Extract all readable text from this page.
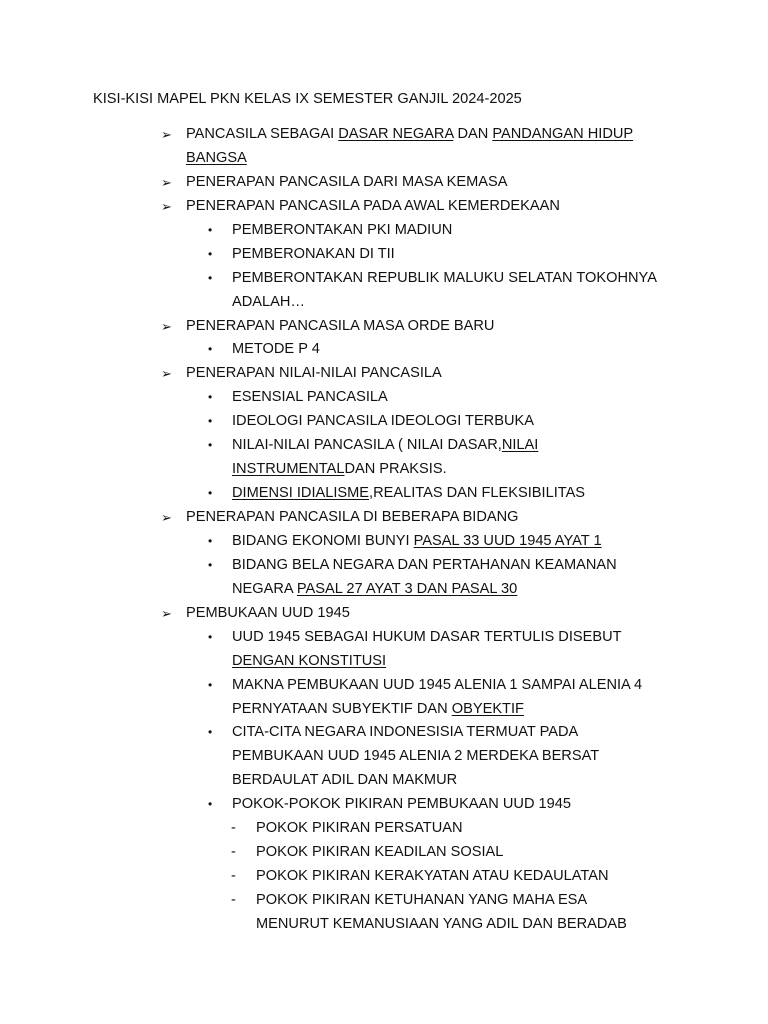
KISI-KISI MAPEL PKN KELAS IX SEMESTER GANJIL 2024-2025
➢ PANCASILA SEBAGAI DASAR NEGARA DAN PANDANGAN HIDUP
BANGSA
➢ PENERAPAN PANCASILA DARI MASA KEMASA
➢ PENERAPAN PANCASILA PADA AWAL KEMERDEKAAN
• PEMBERONTAKAN PKI MADIUN
• PEMBERONAKAN DI TII
• PEMBERONTAKAN REPUBLIK MALUKU SELATAN TOKOHNYA
ADALAH…
➢ PENERAPAN PANCASILA MASA ORDE BARU
• METODE P 4
➢ PENERAPAN NILAI-NILAI PANCASILA
• ESENSIAL PANCASILA
• IDEOLOGI PANCASILA IDEOLOGI TERBUKA
• NILAI-NILAI PANCASILA ( NILAI DASAR,NILAI
INSTRUMENTALDAN PRAKSIS.
• DIMENSI IDIALISME,REALITAS DAN FLEKSIBILITAS
➢ PENERAPAN PANCASILA DI BEBERAPA BIDANG
• BIDANG EKONOMI BUNYI PASAL 33 UUD 1945 AYAT 1
• BIDANG BELA NEGARA DAN PERTAHANAN KEAMANAN
NEGARA PASAL 27 AYAT 3 DAN PASAL 30
➢ PEMBUKAAN UUD 1945
• UUD 1945 SEBAGAI HUKUM DASAR TERTULIS DISEBUT
DENGAN KONSTITUSI
• MAKNA PEMBUKAAN UUD 1945 ALENIA 1 SAMPAI ALENIA 4
PERNYATAAN SUBYEKTIF DAN OBYEKTIF
• CITA-CITA NEGARA INDONESISIA TERMUAT PADA
PEMBUKAAN UUD 1945 ALENIA 2 MERDEKA BERSAT
BERDAULAT ADIL DAN MAKMUR
• POKOK-POKOK PIKIRAN PEMBUKAAN UUD 1945
- POKOK PIKIRAN PERSATUAN
- POKOK PIKIRAN KEADILAN SOSIAL
- POKOK PIKIRAN KERAKYATAN ATAU KEDAULATAN
- POKOK PIKIRAN KETUHANAN YANG MAHA ESA
MENURUT KEMANUSIAAN YANG ADIL DAN BERADAB
